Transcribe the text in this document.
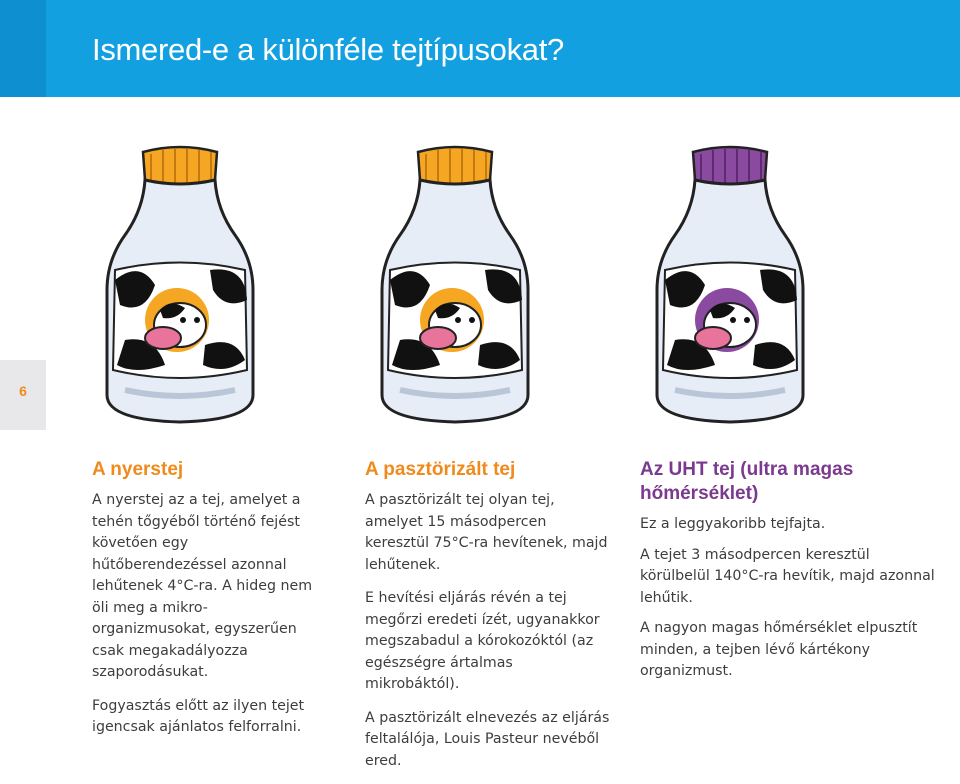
Ismered-e a különféle tejtípusokat?
6
A nyerstej

A nyerstej az a tej, amelyet a tehén tőgyéből történő fejést követően egy hűtőberendezéssel azonnal lehűtenek 4°C-ra. A hideg nem öli meg a mikro-organizmusokat, egyszerűen csak megakadályozza szaporodásukat.

Fogyasztás előtt az ilyen tejet igencsak ajánlatos felforralni.

A pasztörizált tej

A pasztörizált tej olyan tej, amelyet 15 másodpercen keresztül 75°C-ra hevítenek, majd lehűtenek.

E hevítési eljárás révén a tej megőrzi eredeti ízét, ugyanakkor megszabadul a kórokozóktól (az egészségre ártalmas mikrobáktól).

A pasztörizált elnevezés az eljárás feltalálója, Louis Pasteur nevéből ered.

Az UHT tej (ultra magas hőmérséklet)

Ez a leggyakoribb tejfajta.

A tejet 3 másodpercen keresztül körülbelül 140°C-ra hevítik, majd azonnal lehűtik.

A nagyon magas hőmérséklet elpusztít minden, a tejben lévő kártékony organizmust.
